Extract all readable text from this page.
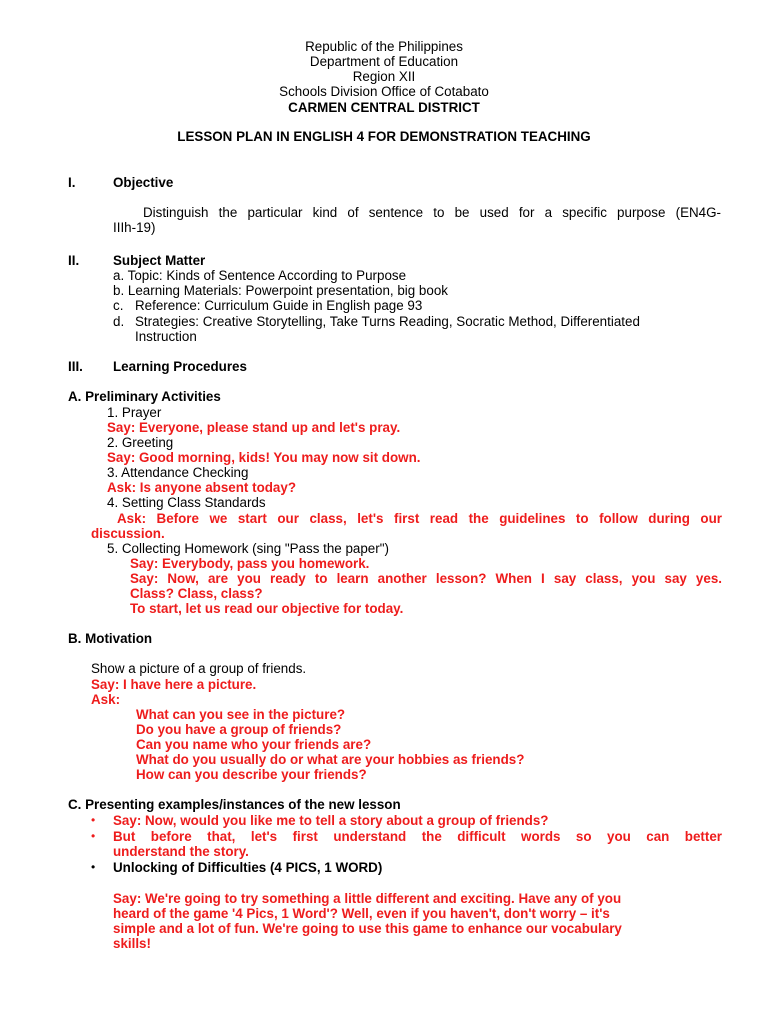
Republic of the Philippines
Department of Education
Region XII
Schools Division Office of Cotabato
CARMEN CENTRAL DISTRICT
LESSON PLAN IN ENGLISH 4 FOR DEMONSTRATION TEACHING
I.	Objective
Distinguish the particular kind of sentence to be used for a specific purpose (EN4G-
IIIh-19)
II.	Subject Matter
a. Topic: Kinds of Sentence According to Purpose
b. Learning Materials: Powerpoint presentation, big book
c. Reference: Curriculum Guide in English page 93
d. Strategies: Creative Storytelling, Take Turns Reading, Socratic Method, Differentiated
Instruction
III. Learning Procedures
A. Preliminary Activities
1. Prayer
Say: Everyone, please stand up and let's pray.
2. Greeting
Say: Good morning, kids! You may now sit down.
3. Attendance Checking
Ask: Is anyone absent today?
4. Setting Class Standards
Ask: Before we start our class, let's first read the guidelines to follow during our
discussion.
5. Collecting Homework (sing "Pass the paper")
Say: Everybody, pass you homework.
Say: Now, are you ready to learn another lesson? When I say class, you say yes.
Class? Class, class?
To start, let us read our objective for today.
B. Motivation
Show a picture of a group of friends.
Say: I have here a picture.
Ask:
What can you see in the picture?
Do you have a group of friends?
Can you name who your friends are?
What do you usually do or what are your hobbies as friends?
How can you describe your friends?
C. Presenting examples/instances of the new lesson
• Say: Now, would you like me to tell a story about a group of friends?
• But before that, let's first understand the difficult words so you can better
understand the story.
• Unlocking of Difficulties (4 PICS, 1 WORD)
Say: We're going to try something a little different and exciting. Have any of you
heard of the game '4 Pics, 1 Word'? Well, even if you haven't, don't worry – it's
simple and a lot of fun. We're going to use this game to enhance our vocabulary
skills!
